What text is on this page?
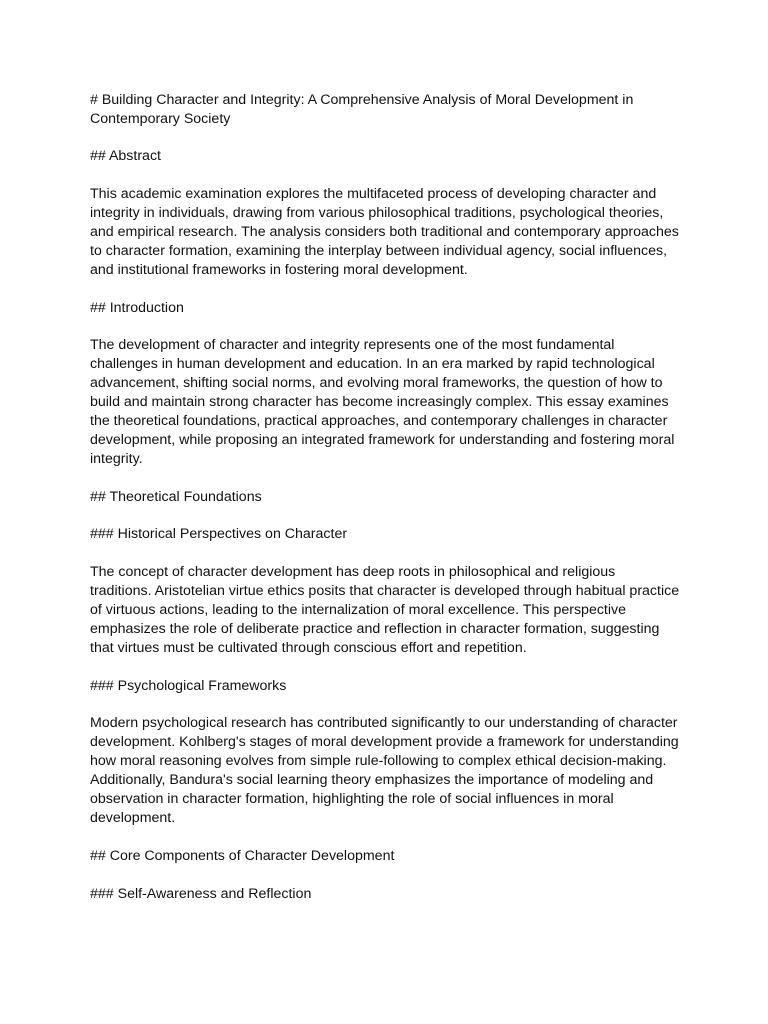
# Building Character and Integrity: A Comprehensive Analysis of Moral Development in Contemporary Society

## Abstract

This academic examination explores the multifaceted process of developing character and integrity in individuals, drawing from various philosophical traditions, psychological theories, and empirical research. The analysis considers both traditional and contemporary approaches to character formation, examining the interplay between individual agency, social influences, and institutional frameworks in fostering moral development.

## Introduction

The development of character and integrity represents one of the most fundamental challenges in human development and education. In an era marked by rapid technological advancement, shifting social norms, and evolving moral frameworks, the question of how to build and maintain strong character has become increasingly complex. This essay examines the theoretical foundations, practical approaches, and contemporary challenges in character development, while proposing an integrated framework for understanding and fostering moral integrity.

## Theoretical Foundations

### Historical Perspectives on Character

The concept of character development has deep roots in philosophical and religious traditions. Aristotelian virtue ethics posits that character is developed through habitual practice of virtuous actions, leading to the internalization of moral excellence. This perspective emphasizes the role of deliberate practice and reflection in character formation, suggesting that virtues must be cultivated through conscious effort and repetition.

### Psychological Frameworks

Modern psychological research has contributed significantly to our understanding of character development. Kohlberg's stages of moral development provide a framework for understanding how moral reasoning evolves from simple rule-following to complex ethical decision-making. Additionally, Bandura's social learning theory emphasizes the importance of modeling and observation in character formation, highlighting the role of social influences in moral development.

## Core Components of Character Development

### Self-Awareness and Reflection
